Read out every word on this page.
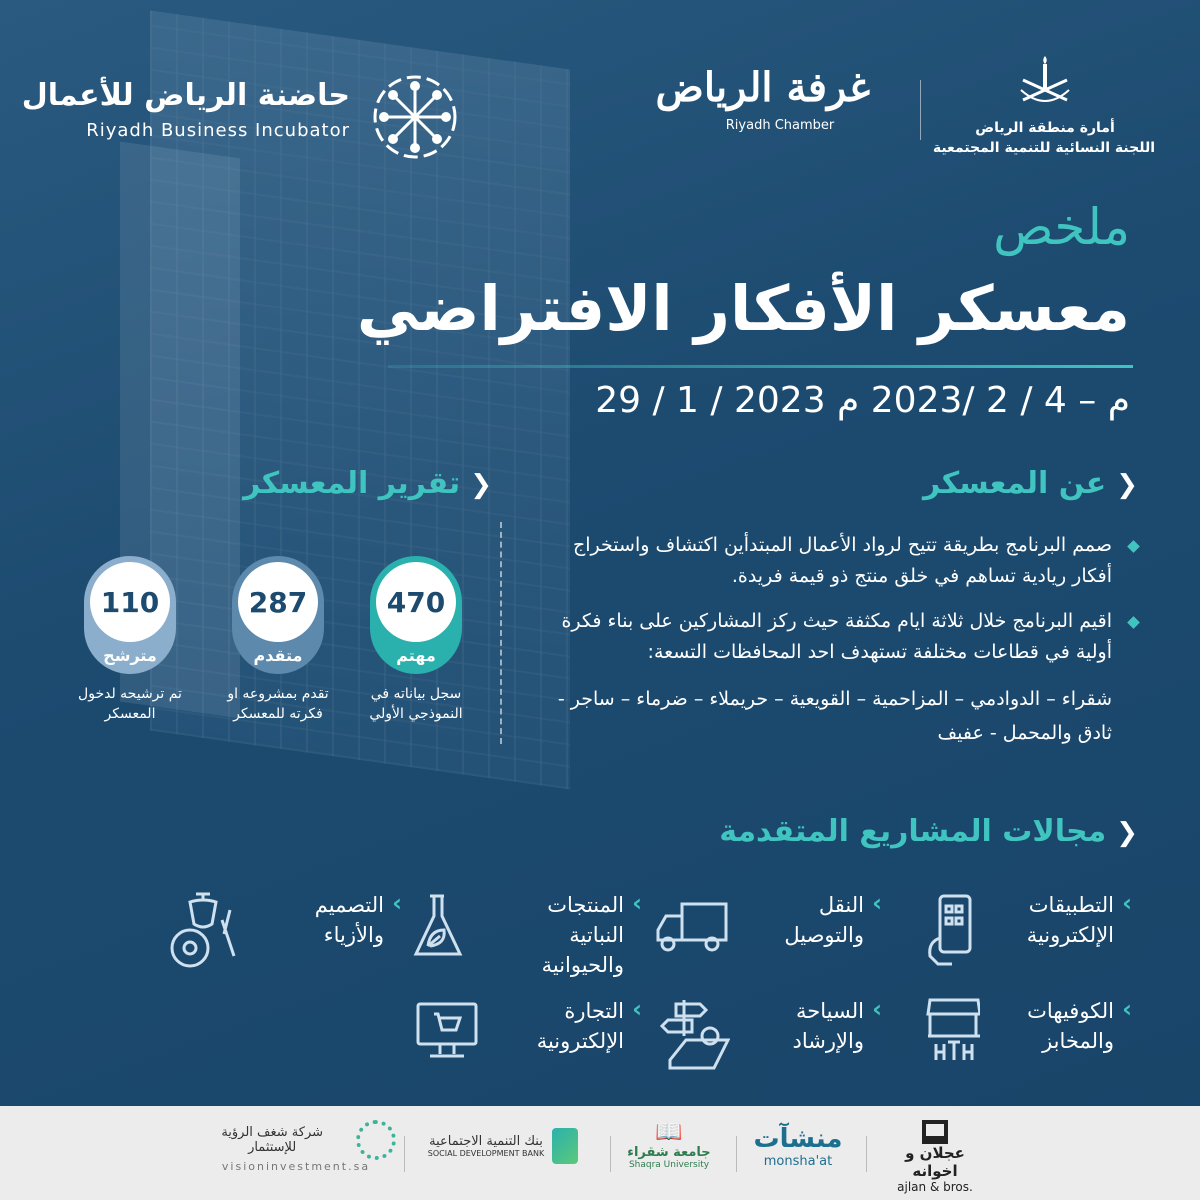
حاضنة الرياض للأعمال
Riyadh Business Incubator
غرفة الرياض
Riyadh Chamber	أمارة منطقة الرياض
اللجنة النسائية للتنمية المجتمعية
ملخص
معسكر الأفكار الافتراضي
29 / 1 / 2023 م – 4 / 2 /2023 م
❮عن المعسكر
صمم البرنامج بطريقة تتيح لرواد الأعمال المبتدأين اكتشاف واستخراج أفكار ريادية تساهم في خلق منتج ذو قيمة فريدة.
اقيم البرنامج خلال ثلاثة ايام مكثفة حيث ركز المشاركين على بناء فكرة أولية في قطاعات مختلفة تستهدف احد المحافظات التسعة:
شقراء – الدوادمي – المزاحمية – القويعية – حريملاء – ضرماء – ساجر - ثادق والمحمل - عفيف
❮تقرير المعسكر
470
مهتم
سجل بياناته في النموذجي الأولي
287
متقدم
تقدم بمشروعه او فكرته للمعسكر
110
مترشح
تم ترشيحه لدخول المعسكر
❮مجالات المشاريع المتقدمة
› التطبيقات
الإلكترونية
› النقل
والتوصيل
› المنتجات النباتية
والحيوانية
› التصميم
والأزياء
› الكوفيهات
والمخابز
› السياحة
والإرشاد
› التجارة
الإلكترونية
شركة شغف الرؤية للإستثمار
visioninvestment.sa
بنك التنمية الاجتماعية
SOCIAL DEVELOPMENT BANK
📖
جامعة شقراء
Shaqra University
منشآت
monsha'at	عجلان و اخوانه
ajlan & bros.
